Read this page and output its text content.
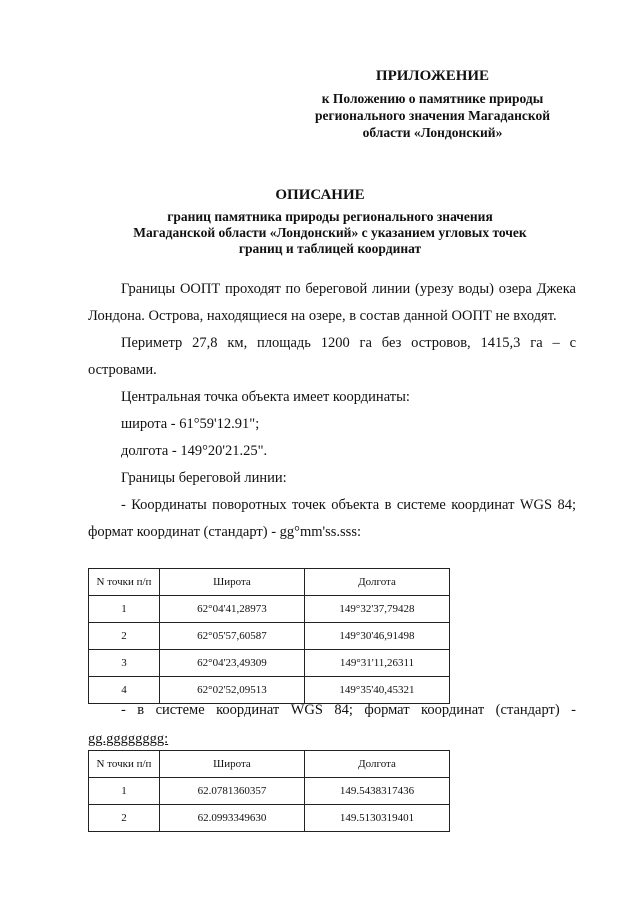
ПРИЛОЖЕНИЕ
к Положению о памятнике природы
регионального значения Магаданской
области «Лондонский»
ОПИСАНИЕ
границ памятника природы регионального значения
Магаданской области «Лондонский» с указанием угловых точек
границ и таблицей координат

Границы ООПТ проходят по береговой линии (урезу воды) озера Джека Лондона. Острова, находящиеся на озере, в состав данной ООПТ не входят.

Периметр 27,8 км, площадь 1200 га без островов, 1415,3 га – с островами.

Центральная точка объекта имеет координаты:

широта - 61°59'12.91";

долгота - 149°20'21.25".

Границы береговой линии:

- Координаты поворотных точек объекта в системе координат WGS 84; формат координат (стандарт) - gg°mm'ss.sss:

N точки п/п	Широта	Долгота
1	62°04'41,28973	149°32'37,79428
2	62°05'57,60587	149°30'46,91498
3	62°04'23,49309	149°31'11,26311
4	62°02'52,09513	149°35'40,45321

- в системе координат WGS 84; формат координат (стандарт) -

gg.gggggggg:
N точки п/п	Широта	Долгота
1	62.0781360357	149.5438317436
2	62.0993349630	149.5130319401
